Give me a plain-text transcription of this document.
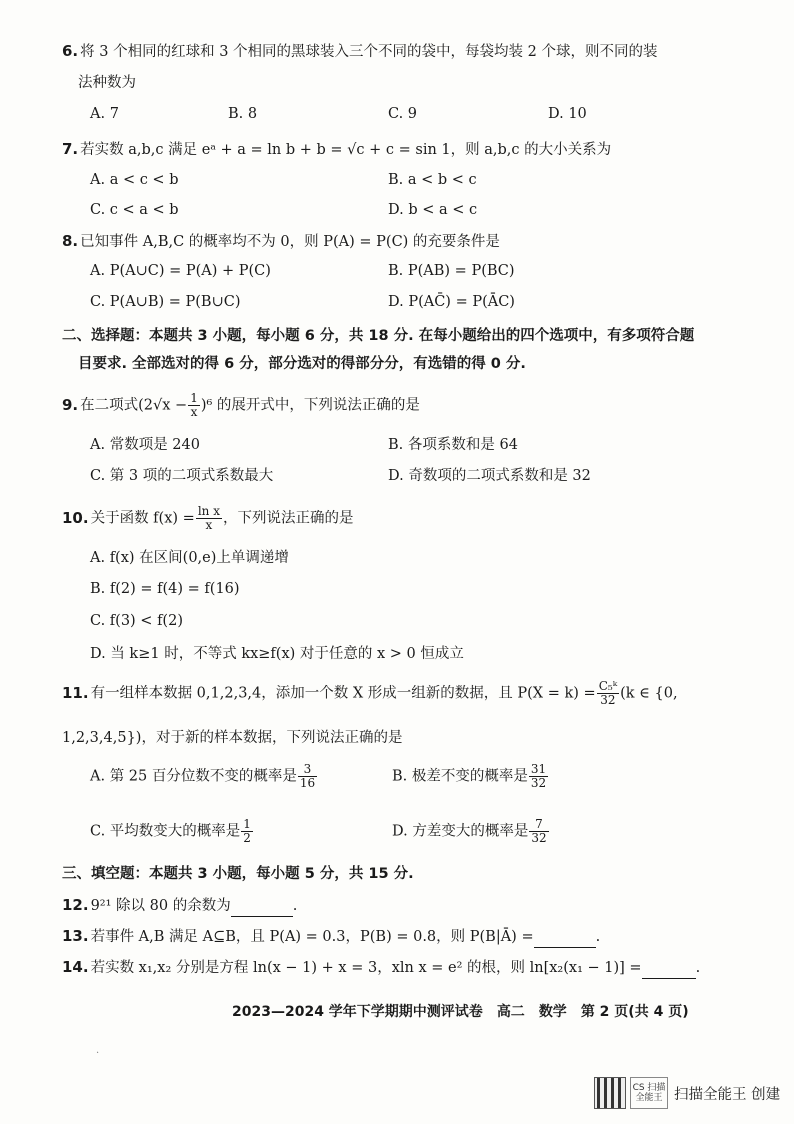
6. 将 3 个相同的红球和 3 个相同的黑球装入三个不同的袋中，每袋均装 2 个球，则不同的装
法种数为
A. 7	B. 8	C. 9	D. 10
7. 若实数 a,b,c 满足 eᵃ + a = ln b + b = √c + c = sin 1，则 a,b,c 的大小关系为
A. a < c < b	B. a < b < c
C. c < a < b	D. b < a < c
8. 已知事件 A,B,C 的概率均不为 0，则 P(A) = P(C) 的充要条件是
A. P(A∪C) = P(A) + P(C)	B. P(AB) = P(BC)
C. P(A∪B) = P(B∪C)	D. P(AC̄) = P(ĀC)
二、选择题：本题共 3 小题，每小题 6 分，共 18 分. 在每小题给出的四个选项中，有多项符合题
目要求. 全部选对的得 6 分，部分选对的得部分分，有选错的得 0 分.
9. 在二项式$(2√x - \frac{1}{x} )^6$ 的展开式中，下列说法正确的是
A. 常数项是 240	B. 各项系数和是 64
C. 第 3 项的二项式系数最大	D. 奇数项的二项式系数和是 32
10. 关于函数 $f(x) = \frac{\text{ln x}}{x}$ ，下列说法正确的是
A. f(x) 在区间(0,e)上单调递增
B. f(2) = f(4) = f(16)
C. f(3) < f(2)
D. 当 k≥1 时，不等式 kx≥f(x) 对于任意的 x > 0 恒成立
11. 有一组样本数据 0,1,2,3,4，添加一个数 X 形成一组新的数据，且 $P(X = k) = \frac{\text{C₅ᵏ}}{32} (k$ ∈ {0,
1,2,3,4,5})，对于新的样本数据，下列说法正确的是
A. 第 25 百分位数不变的概率是 $\frac{3}{16}$	B. 极差不变的概率是 $\frac{31}{32}$
C. 平均数变大的概率是 $\frac{1}{2}$	D. 方差变大的概率是 $\frac{7}{32}$
三、填空题：本题共 3 小题，每小题 5 分，共 15 分.
12. 9²¹ 除以 80 的余数为	.
13. 若事件 A,B 满足 A⊆B，且 P(A) = 0.3，P(B) = 0.8，则 P(B|Ā) =	.
14. 若实数 x₁,x₂ 分别是方程 ln(x − 1) + x = 3，xln x = e² 的根，则 ln[x₂(x₁ − 1)] =	.
2023—2024 学年下学期期中测评试卷 高二 数学 第 2 页(共 4 页)
·
CS 扫描全能王 扫描全能王 创建
